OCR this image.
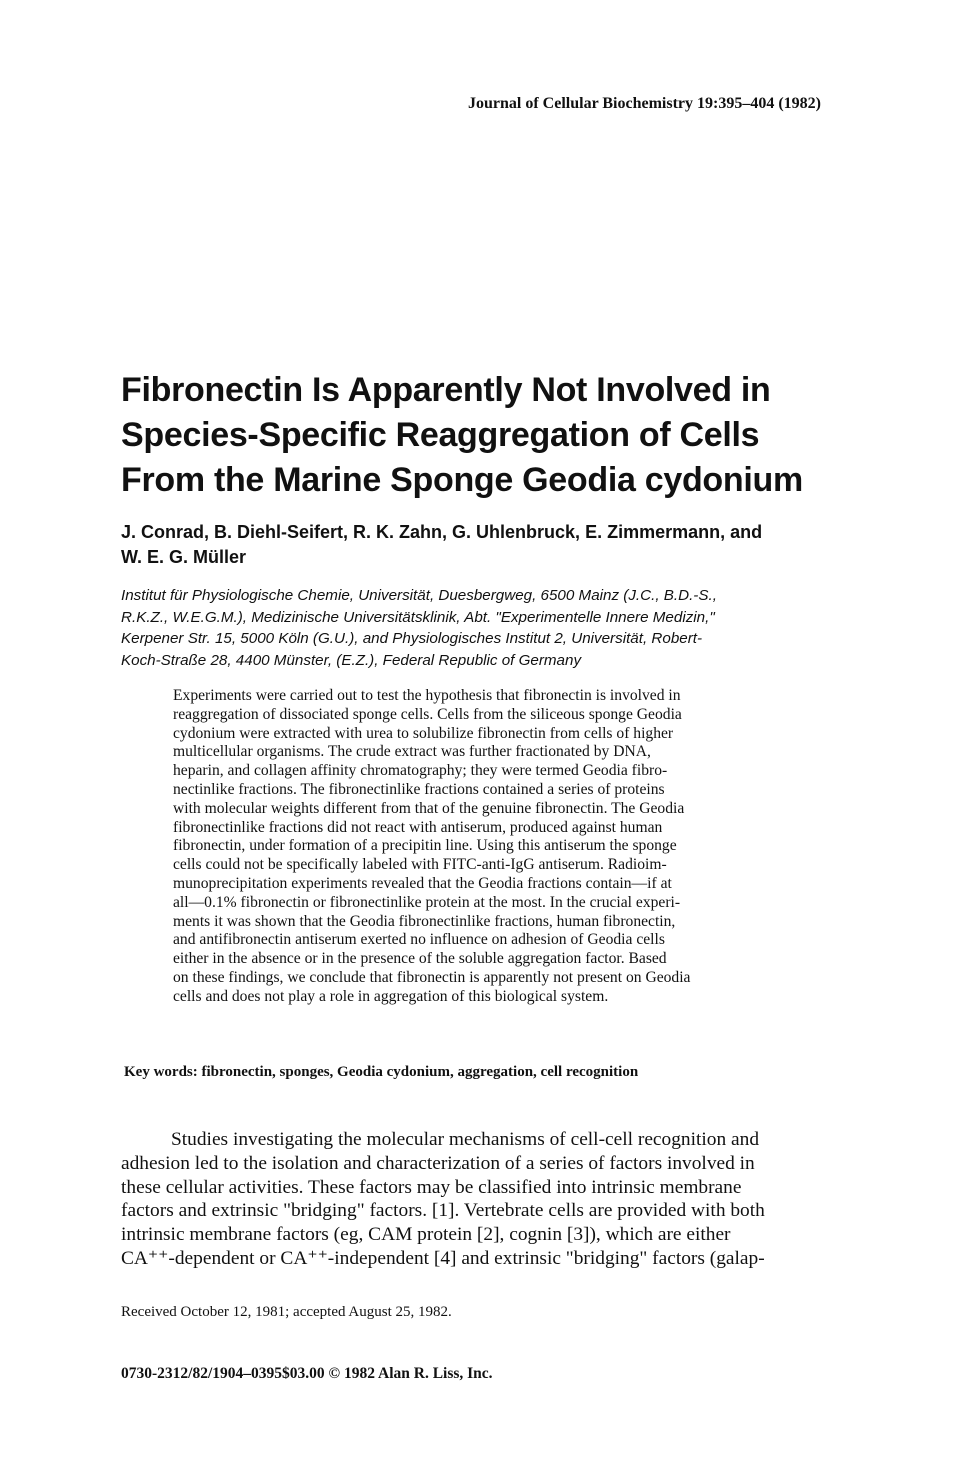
Journal of Cellular Biochemistry 19:395–404 (1982)
Fibronectin Is Apparently Not Involved in
Species-Specific Reaggregation of Cells
From the Marine Sponge Geodia cydonium
J. Conrad, B. Diehl-Seifert, R. K. Zahn, G. Uhlenbruck, E. Zimmermann, and
W. E. G. Müller
Institut für Physiologische Chemie, Universität, Duesbergweg, 6500 Mainz (J.C., B.D.-S.,
R.K.Z., W.E.G.M.), Medizinische Universitätsklinik, Abt. "Experimentelle Innere Medizin,"
Kerpener Str. 15, 5000 Köln (G.U.), and Physiologisches Institut 2, Universität, Robert-
Koch-Straße 28, 4400 Münster, (E.Z.), Federal Republic of Germany
Experiments were carried out to test the hypothesis that fibronectin is involved in
reaggregation of dissociated sponge cells. Cells from the siliceous sponge Geodia
cydonium were extracted with urea to solubilize fibronectin from cells of higher
multicellular organisms. The crude extract was further fractionated by DNA,
heparin, and collagen affinity chromatography; they were termed Geodia fibro-
nectinlike fractions. The fibronectinlike fractions contained a series of proteins
with molecular weights different from that of the genuine fibronectin. The Geodia
fibronectinlike fractions did not react with antiserum, produced against human
fibronectin, under formation of a precipitin line. Using this antiserum the sponge
cells could not be specifically labeled with FITC-anti-IgG antiserum. Radioim-
munoprecipitation experiments revealed that the Geodia fractions contain—if at
all—0.1% fibronectin or fibronectinlike protein at the most. In the crucial experi-
ments it was shown that the Geodia fibronectinlike fractions, human fibronectin,
and antifibronectin antiserum exerted no influence on adhesion of Geodia cells
either in the absence or in the presence of the soluble aggregation factor. Based
on these findings, we conclude that fibronectin is apparently not present on Geodia
cells and does not play a role in aggregation of this biological system.
Key words: fibronectin, sponges, Geodia cydonium, aggregation, cell recognition
Studies investigating the molecular mechanisms of cell-cell recognition and
adhesion led to the isolation and characterization of a series of factors involved in
these cellular activities. These factors may be classified into intrinsic membrane
factors and extrinsic "bridging" factors. [1]. Vertebrate cells are provided with both
intrinsic membrane factors (eg, CAM protein [2], cognin [3]), which are either
CA⁺⁺-dependent or CA⁺⁺-independent [4] and extrinsic "bridging" factors (galap-
Received October 12, 1981; accepted August 25, 1982.
0730-2312/82/1904–0395$03.00 © 1982 Alan R. Liss, Inc.
